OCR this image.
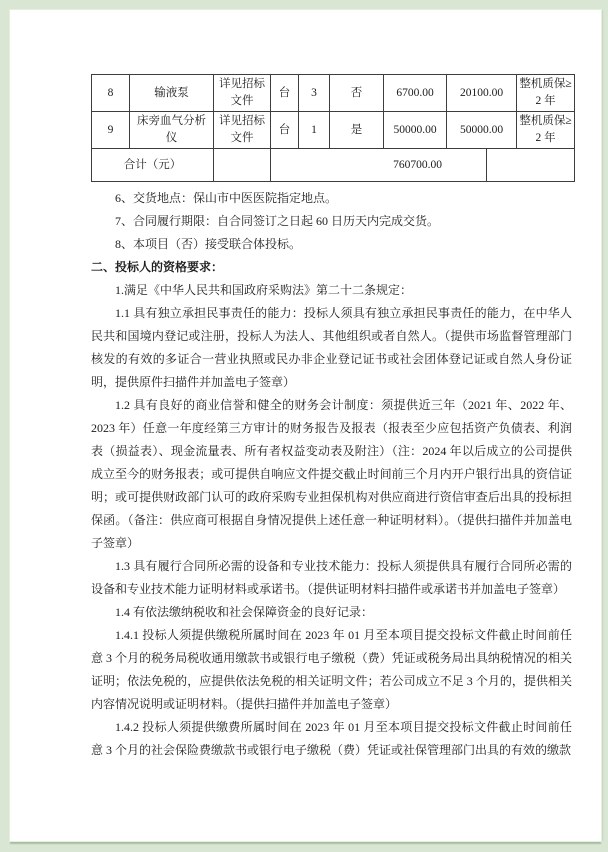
8	输液泵	详见招标文件	台	3	否	6700.00	20100.00	整机质保≥2 年
9	床旁血气分析仪	详见招标文件	台	1	是	50000.00	50000.00	整机质保≥2 年
合计（元）		760700.00	

6、交货地点：保山市中医医院指定地点。

7、合同履行期限：自合同签订之日起 60 日历天内完成交货。

8、本项目（否）接受联合体投标。

二、投标人的资格要求：

1.满足《中华人民共和国政府采购法》第二十二条规定：

1.1 具有独立承担民事责任的能力：投标人须具有独立承担民事责任的能力，在中华人民共和国境内登记或注册，投标人为法人、其他组织或者自然人。（提供市场监督管理部门核发的有效的多证合一营业执照或民办非企业登记证书或社会团体登记证或自然人身份证明，提供原件扫描件并加盖电子签章）

1.2 具有良好的商业信誉和健全的财务会计制度：须提供近三年（2021 年、2022 年、2023 年）任意一年度经第三方审计的财务报告及报表（报表至少应包括资产负债表、利润表（损益表）、现金流量表、所有者权益变动表及附注）（注：2024 年以后成立的公司提供成立至今的财务报表；或可提供自响应文件提交截止时间前三个月内开户银行出具的资信证明；或可提供财政部门认可的政府采购专业担保机构对供应商进行资信审查后出具的投标担保函。（备注：供应商可根据自身情况提供上述任意一种证明材料）。（提供扫描件并加盖电子签章）

1.3 具有履行合同所必需的设备和专业技术能力：投标人须提供具有履行合同所必需的设备和专业技术能力证明材料或承诺书。（提供证明材料扫描件或承诺书并加盖电子签章）

1.4 有依法缴纳税收和社会保障资金的良好记录：

1.4.1 投标人须提供缴税所属时间在 2023 年 01 月至本项目提交投标文件截止时间前任意 3 个月的税务局税收通用缴款书或银行电子缴税（费）凭证或税务局出具纳税情况的相关证明；依法免税的，应提供依法免税的相关证明文件；若公司成立不足 3 个月的，提供相关内容情况说明或证明材料。（提供扫描件并加盖电子签章）

1.4.2 投标人须提供缴费所属时间在 2023 年 01 月至本项目提交投标文件截止时间前任意 3 个月的社会保险费缴款书或银行电子缴税（费）凭证或社保管理部门出具的有效的缴款
